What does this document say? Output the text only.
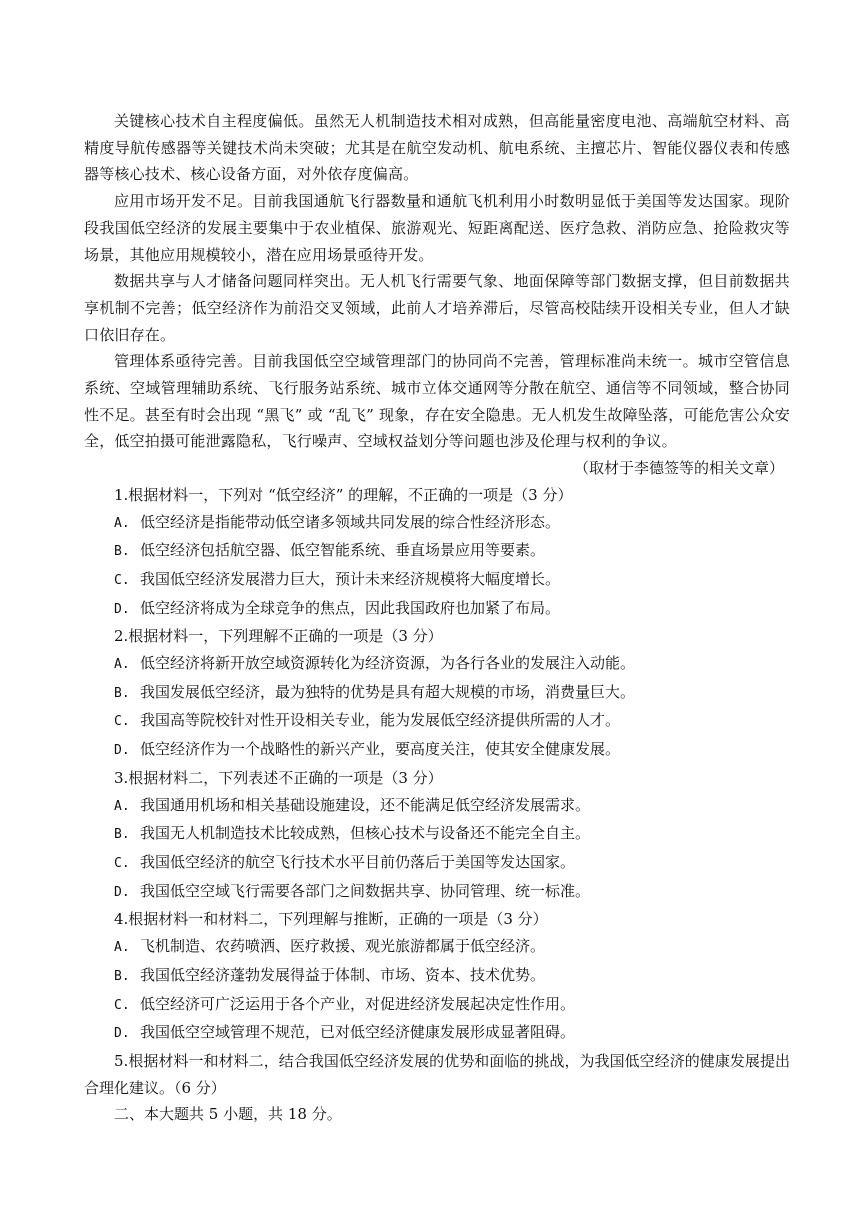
关键核心技术自主程度偏低。虽然无人机制造技术相对成熟，但高能量密度电池、高端航空材料、高精度导航传感器等关键技术尚未突破；尤其是在航空发动机、航电系统、主擅芯片、智能仪器仪表和传感器等核心技术、核心设备方面，对外依存度偏高。

应用市场开发不足。目前我国通航飞行器数量和通航飞机利用小时数明显低于美国等发达国家。现阶段我国低空经济的发展主要集中于农业植保、旅游观光、短距离配送、医疗急救、消防应急、抢险救灾等场景，其他应用规模较小，潜在应用场景亟待开发。

数据共享与人才储备问题同样突出。无人机飞行需要气象、地面保障等部门数据支撑，但目前数据共享机制不完善；低空经济作为前沿交叉领域，此前人才培养滞后，尽管高校陆续开设相关专业，但人才缺口依旧存在。

管理体系亟待完善。目前我国低空空域管理部门的协同尚不完善，管理标准尚未统一。城市空管信息系统、空域管理辅助系统、飞行服务站系统、城市立体交通网等分散在航空、通信等不同领域，整合协同性不足。甚至有时会出现 “黑飞” 或 “乱飞” 现象，存在安全隐患。无人机发生故障坠落，可能危害公众安全，低空拍摄可能泄露隐私，飞行噪声、空域权益划分等问题也涉及伦理与权利的争议。

（取材于李德签等的相关文章）

1.根据材料一，下列对 “低空经济” 的理解，不正确的一项是（3 分）

A. 低空经济是指能带动低空诸多领域共同发展的综合性经济形态。

B. 低空经济包括航空器、低空智能系统、垂直场景应用等要素。

C. 我国低空经济发展潜力巨大，预计未来经济规模将大幅度增长。

D. 低空经济将成为全球竞争的焦点，因此我国政府也加紧了布局。

2.根据材料一，下列理解不正确的一项是（3 分）

A. 低空经济将新开放空域资源转化为经济资源，为各行各业的发展注入动能。

B. 我国发展低空经济，最为独特的优势是具有超大规模的市场，消费量巨大。

C. 我国高等院校针对性开设相关专业，能为发展低空经济提供所需的人才。

D. 低空经济作为一个战略性的新兴产业，要高度关注，使其安全健康发展。

3.根据材料二，下列表述不正确的一项是（3 分）

A. 我国通用机场和相关基础设施建设，还不能满足低空经济发展需求。

B. 我国无人机制造技术比较成熟，但核心技术与设备还不能完全自主。

C. 我国低空经济的航空飞行技术水平目前仍落后于美国等发达国家。

D. 我国低空空域飞行需要各部门之间数据共享、协同管理、统一标准。

4.根据材料一和材料二，下列理解与推断，正确的一项是（3 分）

A. 飞机制造、农药喷洒、医疗救援、观光旅游都属于低空经济。

B. 我国低空经济蓬勃发展得益于体制、市场、资本、技术优势。

C. 低空经济可广泛运用于各个产业，对促进经济发展起决定性作用。

D. 我国低空空域管理不规范，已对低空经济健康发展形成显著阻碍。

5.根据材料一和材料二，结合我国低空经济发展的优势和面临的挑战，为我国低空经济的健康发展提出合理化建议。（6 分）

二、本大题共 5 小题，共 18 分。
